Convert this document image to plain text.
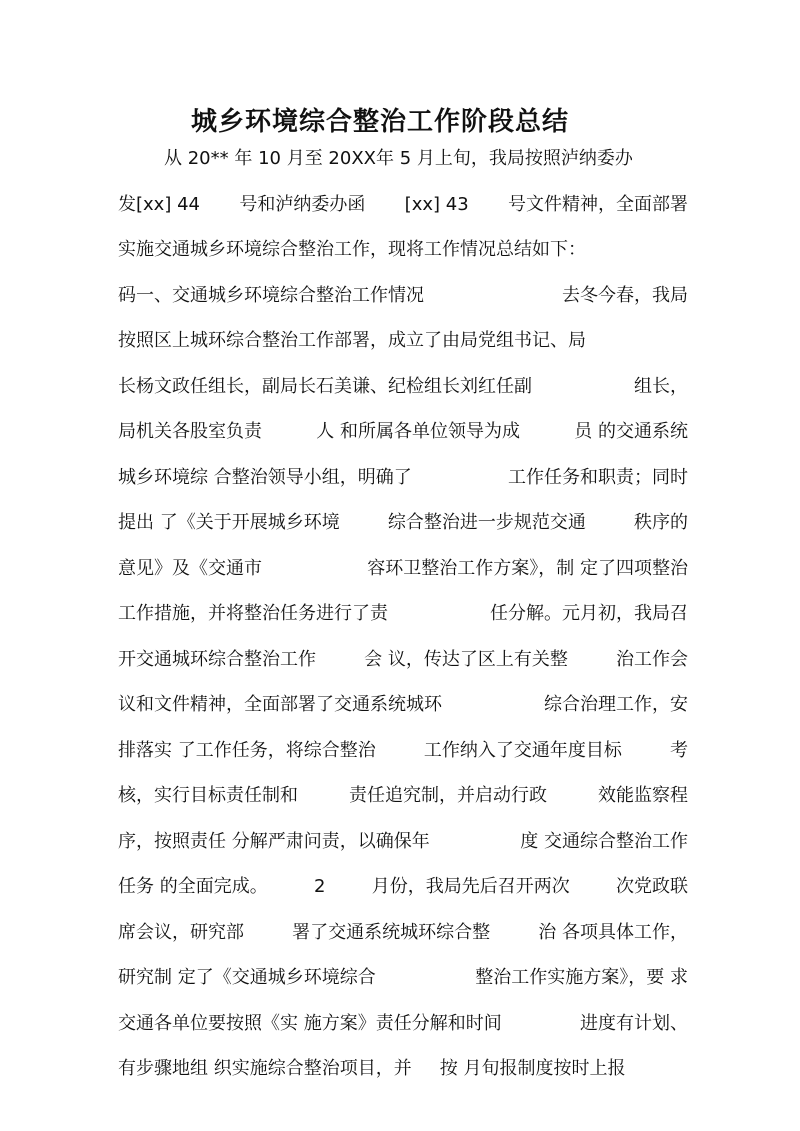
城乡环境综合整治工作阶段总结
从 20** 年 10 月至 20XX年 5 月上旬，我局按照泸纳委办
发[xx] 44 号和泸纳委办函 [xx] 43 号文件精神，全面部署
实施交通城乡环境综合整治工作，现将工作情况总结如下：
码一、交通城乡环境综合整治工作情况	去冬今春，我局
按照区上城环综合整治工作部署，成立了由局党组书记、局
长杨文政任组长，副局长石美谦、纪检组长刘红任副	组长，
局机关各股室负责	人 和所属各单位领导为成	员 的交通系统
城乡环境综 合整治领导小组，明确了	工作任务和职责；同时
提出 了《关于开展城乡环境	综合整治进一步规范交通	秩序的
意见》及《交通市	容环卫整治工作方案》，制 定了四项整治
工作措施，并将整治任务进行了责	任分解。元月初，我局召
开交通城环综合整治工作	会 议，传达了区上有关整	治工作会
议和文件精神，全面部署了交通系统城环	综合治理工作，安
排落实 了工作任务，将综合整治	工作纳入了交通年度目标	考
核，实行目标责任制和	责任追究制，并启动行政	效能监察程
序，按照责任 分解严肃问责，以确保年	度 交通综合整治工作
任务 的全面完成。	2	月份，我局先后召开两次	次党政联
席会议，研究部	署了交通系统城环综合整	治 各项具体工作，
研究制 定了《交通城乡环境综合	整治工作实施方案》，要 求
交通各单位要按照《实 施方案》责任分解和时间	进度有计划、
有步骤地组 织实施综合整治项目，并 按 月旬报制度按时上报
